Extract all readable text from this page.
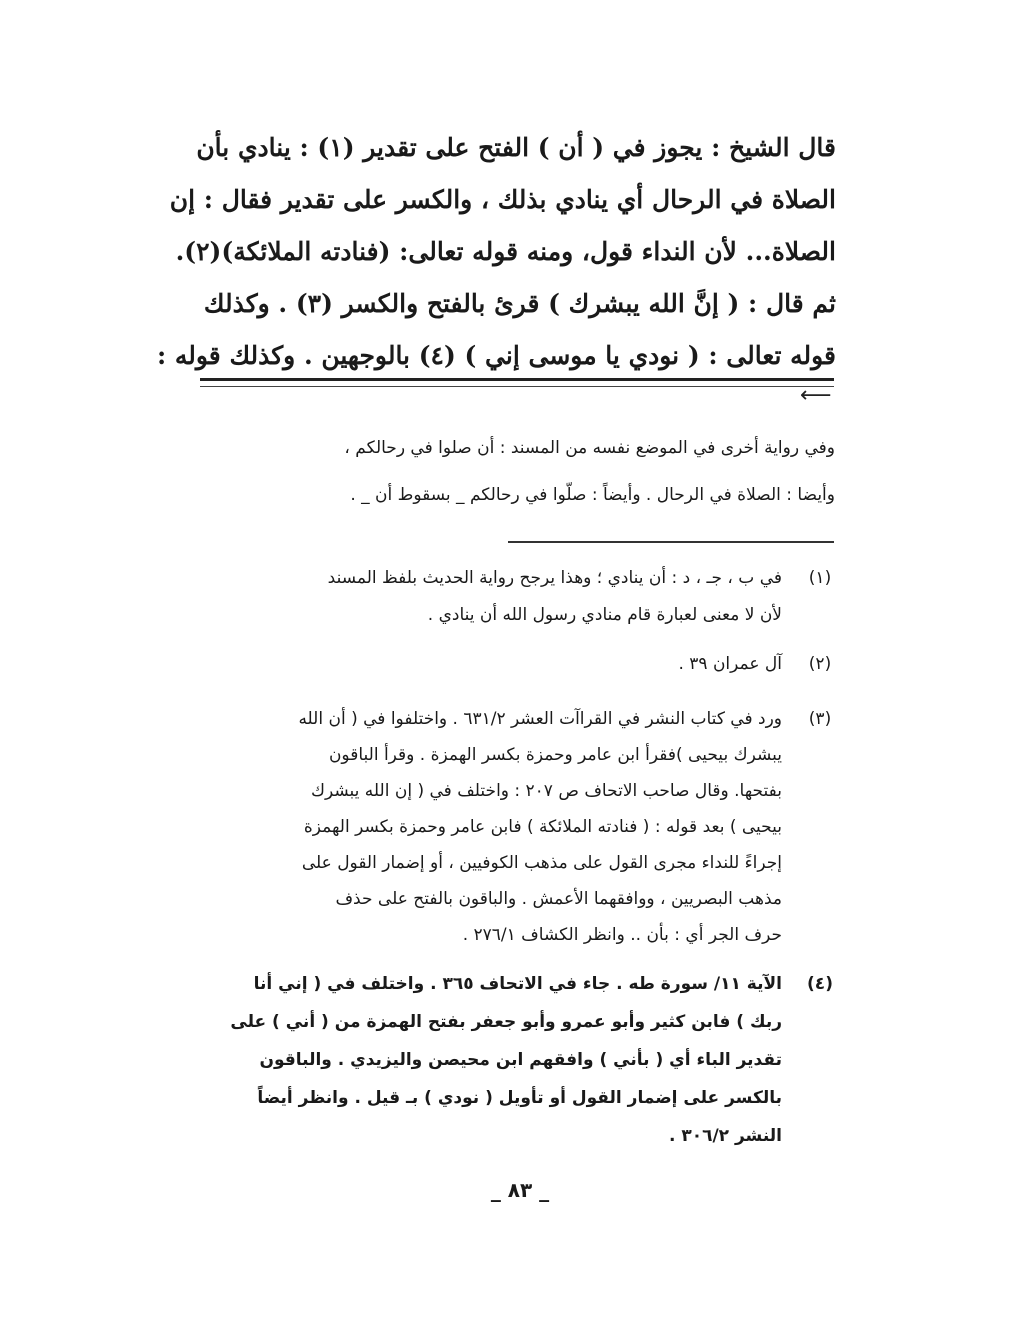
قال الشيخ : يجوز في ( أن ) الفتح على تقدير (١) : ينادي بأن

الصلاة في الرحال أي ينادي بذلك ، والكسر على تقدير فقال : إن

الصلاة... لأن النداء قول، ومنه قوله تعالى: (فنادته الملائكة)(٢).

ثم قال : ( إنَّ الله يبشرك ) قرئ بالفتح والكسر (٣) . وكذلك

قوله تعالى : ( نودي يا موسى إني ) (٤) بالوجهين . وكذلك قوله :

⟵

وفي رواية أخرى في الموضع نفسه من المسند : أن صلوا في رحالكم ،

وأيضا : الصلاة في الرحال . وأيضاً : صلّوا في رحالكم _ بسقوط أن _ .

(١)

في ب ، جـ ، د : أن ينادي ؛ وهذا يرجح رواية الحديث بلفظ المسند

لأن لا معنى لعبارة قام منادي رسول الله أن ينادي .

(٢)

آل عمران ٣٩ .

(٣)

ورد في كتاب النشر في القراآت العشر ٦٣١/٢ . واختلفوا في ( أن الله

يبشرك بيحيى )فقرأ ابن عامر وحمزة بكسر الهمزة . وقرأ الباقون

بفتحها. وقال صاحب الاتحاف ص ٢٠٧ : واختلف في ( إن الله يبشرك

بيحيى ) بعد قوله : ( فنادته الملائكة ) فابن عامر وحمزة بكسر الهمزة

إجراءً للنداء مجرى القول على مذهب الكوفيين ، أو إضمار القول على

مذهب البصريين ، ووافقهما الأعمش . والباقون بالفتح على حذف

حرف الجر أي : بأن .. وانظر الكشاف ٢٧٦/١ .

(٤)

الآية ١١/ سورة طه . جاء في الاتحاف ٣٦٥ . واختلف في ( إني أنا

ربك ) فابن كثير وأبو عمرو وأبو جعفر بفتح الهمزة من ( أني ) على

تقدير الباء أي ( بأني ) وافقهم ابن محيصن واليزيدي . والباقون

بالكسر على إضمار القول أو تأويل ( نودي ) بـ قيل . وانظر أيضاً

النشر ٣٠٦/٢ .

_ ٨٣ _
